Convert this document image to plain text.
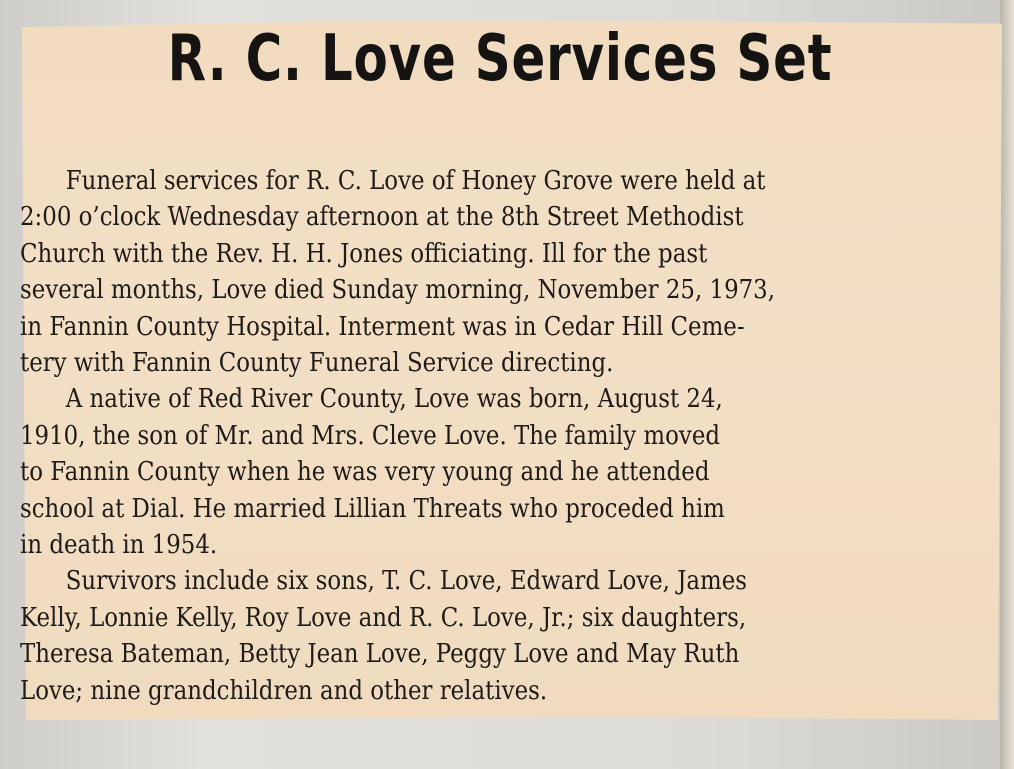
R. C. Love Services Set

Funeral services for R. C. Love of Honey Grove were held at
2:00 o’clock Wednesday afternoon at the 8th Street Methodist
Church with the Rev. H. H. Jones officiating. Ill for the past
several months, Love died Sunday morning, November 25, 1973,
in Fannin County Hospital. Interment was in Cedar Hill Ceme-
tery with Fannin County Funeral Service directing.

A native of Red River County, Love was born, August 24,
1910, the son of Mr. and Mrs. Cleve Love. The family moved
to Fannin County when he was very young and he attended
school at Dial. He married Lillian Threats who proceded him
in death in 1954.

Survivors include six sons, T. C. Love, Edward Love, James
Kelly, Lonnie Kelly, Roy Love and R. C. Love, Jr.; six daughters,
Theresa Bateman, Betty Jean Love, Peggy Love and May Ruth
Love; nine grandchildren and other relatives.
